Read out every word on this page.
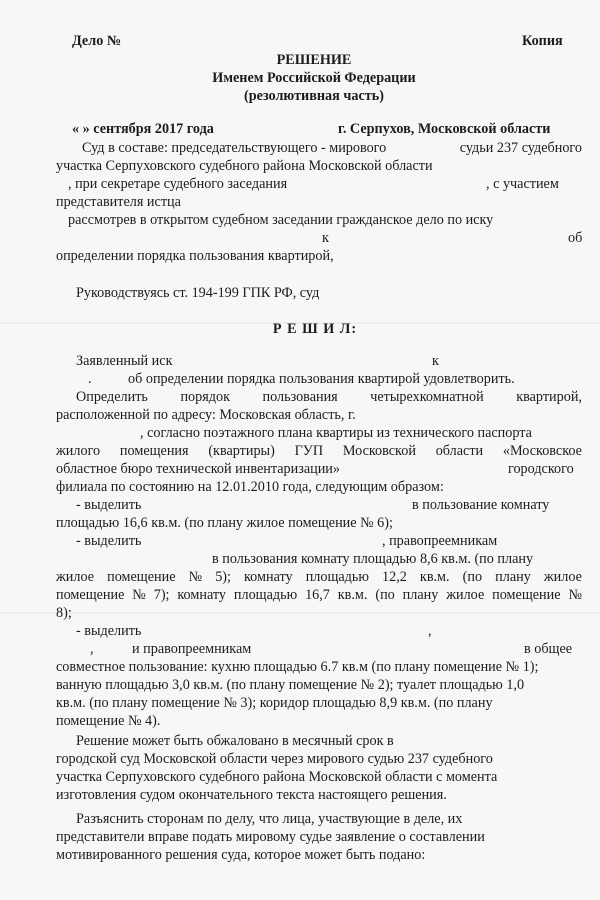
Дело №	Копия
РЕШЕНИЕ
Именем Российской Федерации
(резолютивная часть)
« » сентября 2017 года	г. Серпухов, Московской области
Суд в составе: председательствующего - мирового	судьи 237 судебного
участка Серпуховского судебного района Московской области
, при секретаре судебного заседания	, с участием
представителя истца
рассмотрев в открытом судебном заседании гражданское дело по иску
к	об
определении порядка пользования квартирой,
Руководствуясь ст. 194-199 ГПК РФ, суд
Р Е Ш И Л:
Заявленный иск	к
.	об определении порядка пользования квартирой удовлетворить.
Определить порядок пользования четырехкомнатной квартирой,
расположенной по адресу: Московская область, г.
, согласно поэтажного плана квартиры из технического паспорта
жилого помещения (квартиры) ГУП Московской области «Московское
областное бюро технической инвентаризации»	городского
филиала по состоянию на 12.01.2010 года, следующим образом:
- выделить	в пользование комнату
площадью 16,6 кв.м. (по плану жилое помещение № 6);
- выделить	, правопреемникам
в пользования комнату площадью 8,6 кв.м. (по плану
жилое помещение № 5); комнату площадью 12,2 кв.м. (по плану жилое
помещение № 7); комнату площадью 16,7 кв.м. (по плану жилое помещение №
8);
- выделить	,
,	и правопреемникам	в общее
совместное пользование: кухню площадью 6.7 кв.м (по плану помещение № 1);
ванную площадью 3,0 кв.м. (по плану помещение № 2); туалет площадью 1,0
кв.м. (по плану помещение № 3); коридор площадью 8,9 кв.м. (по плану
помещение № 4).
Решение может быть обжаловано в месячный срок в
городской суд Московской области через мирового судью 237 судебного
участка Серпуховского судебного района Московской области с момента
изготовления судом окончательного текста настоящего решения.
Разъяснить сторонам по делу, что лица, участвующие в деле, их
представители вправе подать мировому судье заявление о составлении
мотивированного решения суда, которое может быть подано:
